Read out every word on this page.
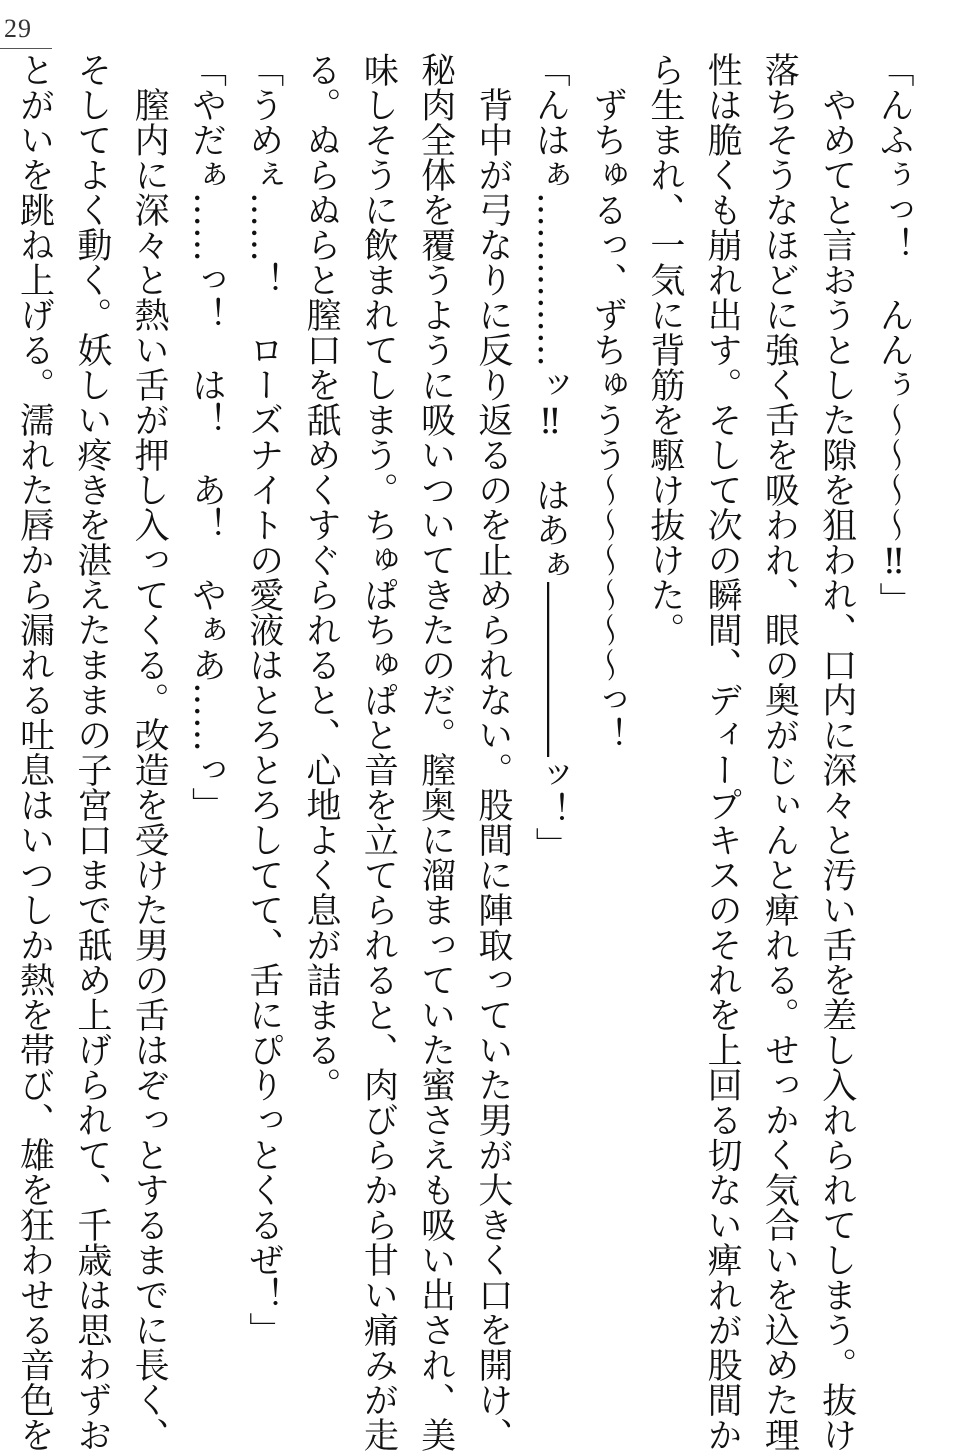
29
「んふぅっ！　んんぅ〜〜〜〜‼」
　やめてと言おうとした隙を狙われ、口内に深々と汚い舌を差し入れられてしまう。抜け
落ちそうなほどに強く舌を吸われ、眼の奥がじぃんと痺れる。せっかく気合いを込めた理
性は脆くも崩れ出す。そして次の瞬間、ディープキスのそれを上回る切ない痺れが股間か
ら生まれ、一気に背筋を駆け抜けた。
　ずちゅるっ、ずちゅうう〜〜〜〜〜〜っ！
「んはぁ……………ッ‼　はあぁ―――――ッ！」
　背中が弓なりに反り返るのを止められない。股間に陣取っていた男が大きく口を開け、
秘肉全体を覆うように吸いついてきたのだ。膣奥に溜まっていた蜜さえも吸い出され、美
味しそうに飲まれてしまう。ちゅぱちゅぱと音を立てられると、肉びらから甘い痛みが走
る。ぬらぬらと膣口を舐めくすぐられると、心地よく息が詰まる。
「うめぇ……！　ローズナイトの愛液はとろとろしてて、舌にぴりっとくるぜ！」
「やだぁ……っ！　は！　あ！　やぁあ……っ」
　膣内に深々と熱い舌が押し入ってくる。改造を受けた男の舌はぞっとするまでに長く、
そしてよく動く。妖しい疼きを湛えたままの子宮口まで舐め上げられて、千歳は思わずお
とがいを跳ね上げる。濡れた唇から漏れる吐息はいつしか熱を帯び、雄を狂わせる音色を
